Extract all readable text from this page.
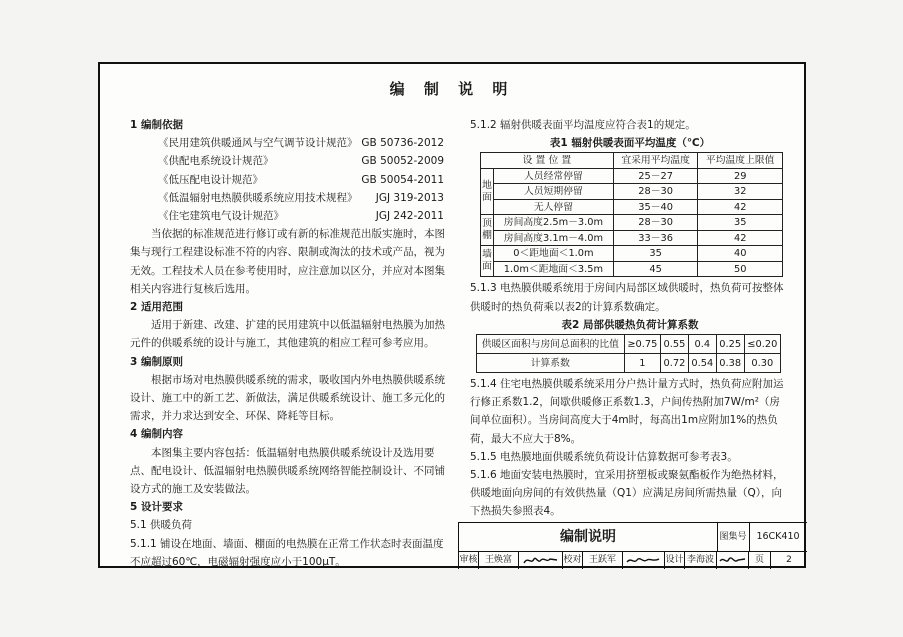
编 制 说 明
1 编制依据
《民用建筑供暖通风与空气调节设计规范》 GB 50736-2012
《供配电系统设计规范》	GB 50052-2009
《低压配电设计规范》	GB 50054-2011
《低温辐射电热膜供暖系统应用技术规程》 JGJ 319-2013
《住宅建筑电气设计规范》	JGJ 242-2011
当依据的标准规范进行修订或有新的标准规范出版实施时，本图集与现行工程建设标准不符的内容、限制或淘汰的技术或产品，视为无效。工程技术人员在参考使用时，应注意加以区分，并应对本图集相关内容进行复核后选用。
2 适用范围
适用于新建、改建、扩建的民用建筑中以低温辐射电热膜为加热元件的供暖系统的设计与施工，其他建筑的相应工程可参考应用。
3 编制原则
根据市场对电热膜供暖系统的需求，吸收国内外电热膜供暖系统设计、施工中的新工艺、新做法，满足供暖系统设计、施工多元化的需求，并力求达到安全、环保、降耗等目标。
4 编制内容
本图集主要内容包括：低温辐射电热膜供暖系统设计及选用要点、配电设计、低温辐射电热膜供暖系统网络智能控制设计、不同铺设方式的施工及安装做法。
5 设计要求
5.1 供暖负荷
5.1.1 铺设在地面、墙面、棚面的电热膜在正常工作状态时表面温度不应超过60℃，电磁辐射强度应小于100μT。
5.1.2 辐射供暖表面平均温度应符合表1的规定。
表1 辐射供暖表面平均温度（℃）
设 置 位 置		宜采用平均温度	平均温度上限值
地面	人员经常停留	25－27	29
	人员短期停留	28－30	32
	无人停留	35－40	42
顶棚	房间高度2.5m－3.0m	28－30	35
	房间高度3.1m－4.0m	33－36	42
墙面	0＜距地面＜1.0m	35	40
	1.0m＜距地面＜3.5m	45	50
5.1.3 电热膜供暖系统用于房间内局部区域供暖时，热负荷可按整体供暖时的热负荷乘以表2的计算系数确定。
表2 局部供暖热负荷计算系数
供暖区面积与房间总面积的比值	≥0.75	0.55	0.4	0.25	≤0.20
计算系数	1	0.72	0.54	0.38	0.30
5.1.4 住宅电热膜供暖系统采用分户热计量方式时，热负荷应附加运行修正系数1.2，间歇供暖修正系数1.3，户间传热附加7W/m²（房间单位面积）。当房间高度大于4m时，每高出1m应附加1%的热负荷，最大不应大于8%。
5.1.5 电热膜地面供暖系统负荷设计估算数据可参考表3。
5.1.6 地面安装电热膜时，宜采用挤塑板或聚氨酯板作为绝热材料，供暖地面向房间的有效供热量（Q1）应满足房间所需热量（Q），向下热损失参照表4。
编制说明	图集号	16CK410
审核 王焕富	校对 王跃军	设计 李海波	页	2
